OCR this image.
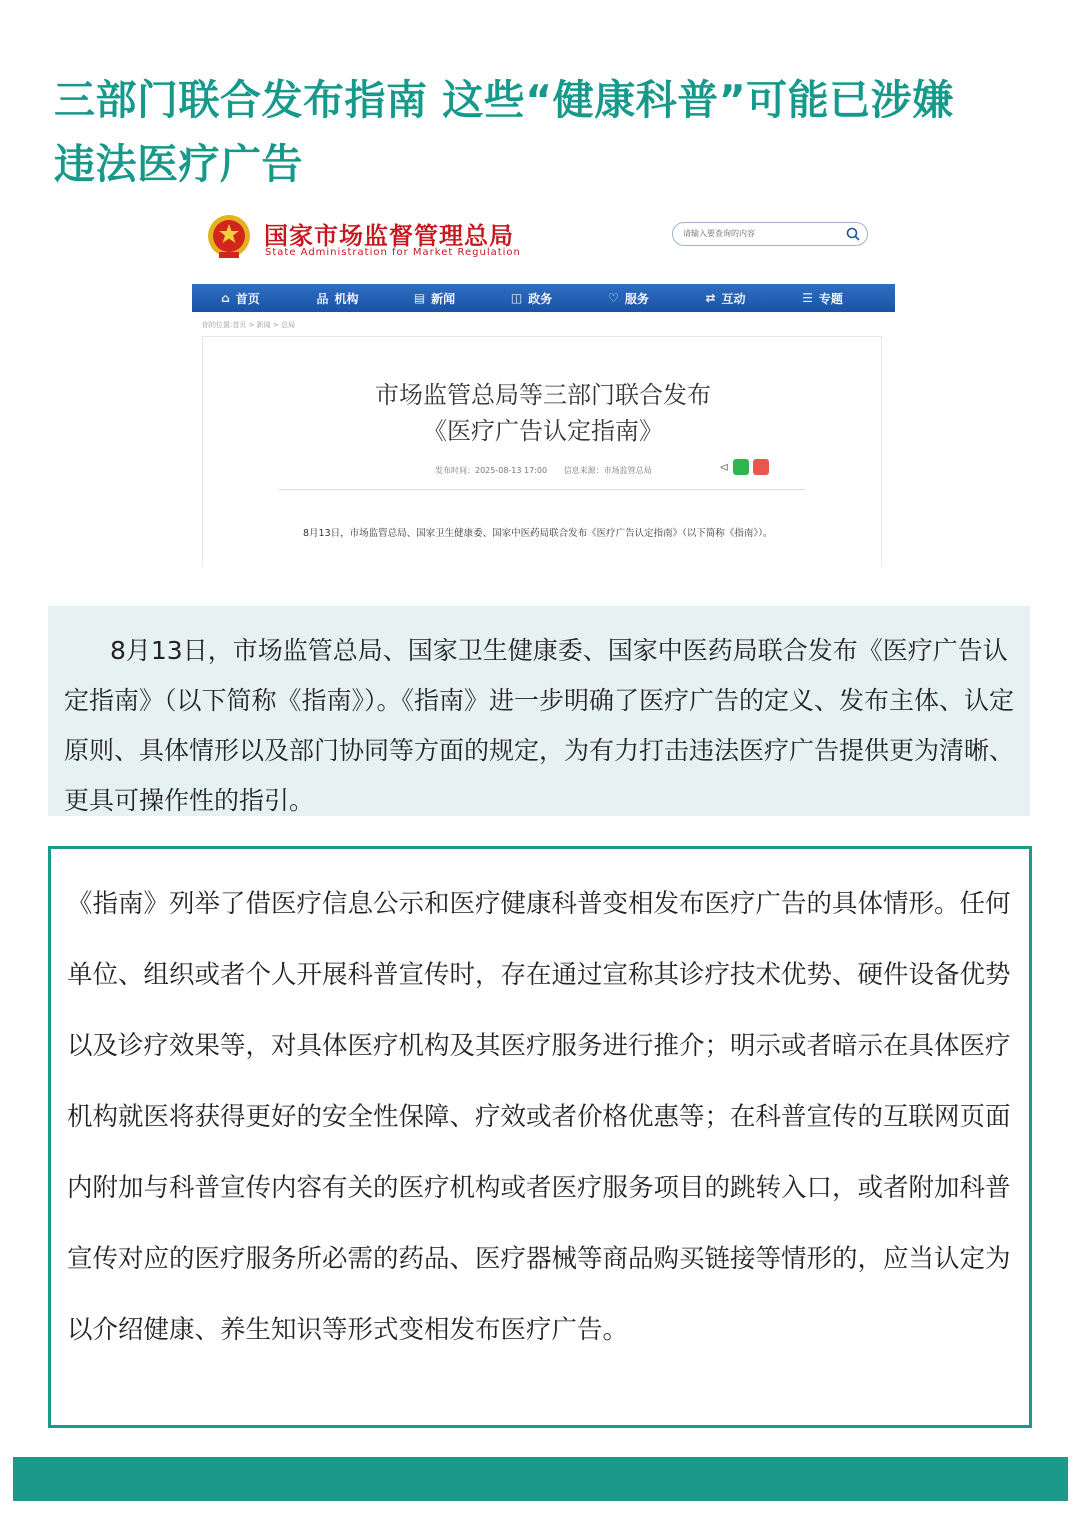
三部门联合发布指南 这些“健康科普”可能已涉嫌
违法医疗广告
国家市场监督管理总局
State Administration for Market Regulation
请输入要查询的内容
⌂ 首页	品 机构	▤ 新闻	◫ 政务	♡ 服务	⇄ 互动	☰ 专题
你的位置:首页 > 新闻 > 总局
市场监管总局等三部门联合发布
《医疗广告认定指南》
发布时间：2025-08-13 17:00 信息来源：市场监管总局	⊲
8月13日，市场监管总局、国家卫生健康委、国家中医药局联合发布《医疗广告认定指南》（以下简称《指南》）。

8月13日，市场监管总局、国家卫生健康委、国家中医药局联合发布《医疗广告认定指南》（以下简称《指南》）。《指南》进一步明确了医疗广告的定义、发布主体、认定原则、具体情形以及部门协同等方面的规定，为有力打击违法医疗广告提供更为清晰、更具可操作性的指引。

《指南》列举了借医疗信息公示和医疗健康科普变相发布医疗广告的具体情形。任何单位、组织或者个人开展科普宣传时，存在通过宣称其诊疗技术优势、硬件设备优势以及诊疗效果等，对具体医疗机构及其医疗服务进行推介；明示或者暗示在具体医疗机构就医将获得更好的安全性保障、疗效或者价格优惠等；在科普宣传的互联网页面内附加与科普宣传内容有关的医疗机构或者医疗服务项目的跳转入口，或者附加科普宣传对应的医疗服务所必需的药品、医疗器械等商品购买链接等情形的，应当认定为以介绍健康、养生知识等形式变相发布医疗广告。
